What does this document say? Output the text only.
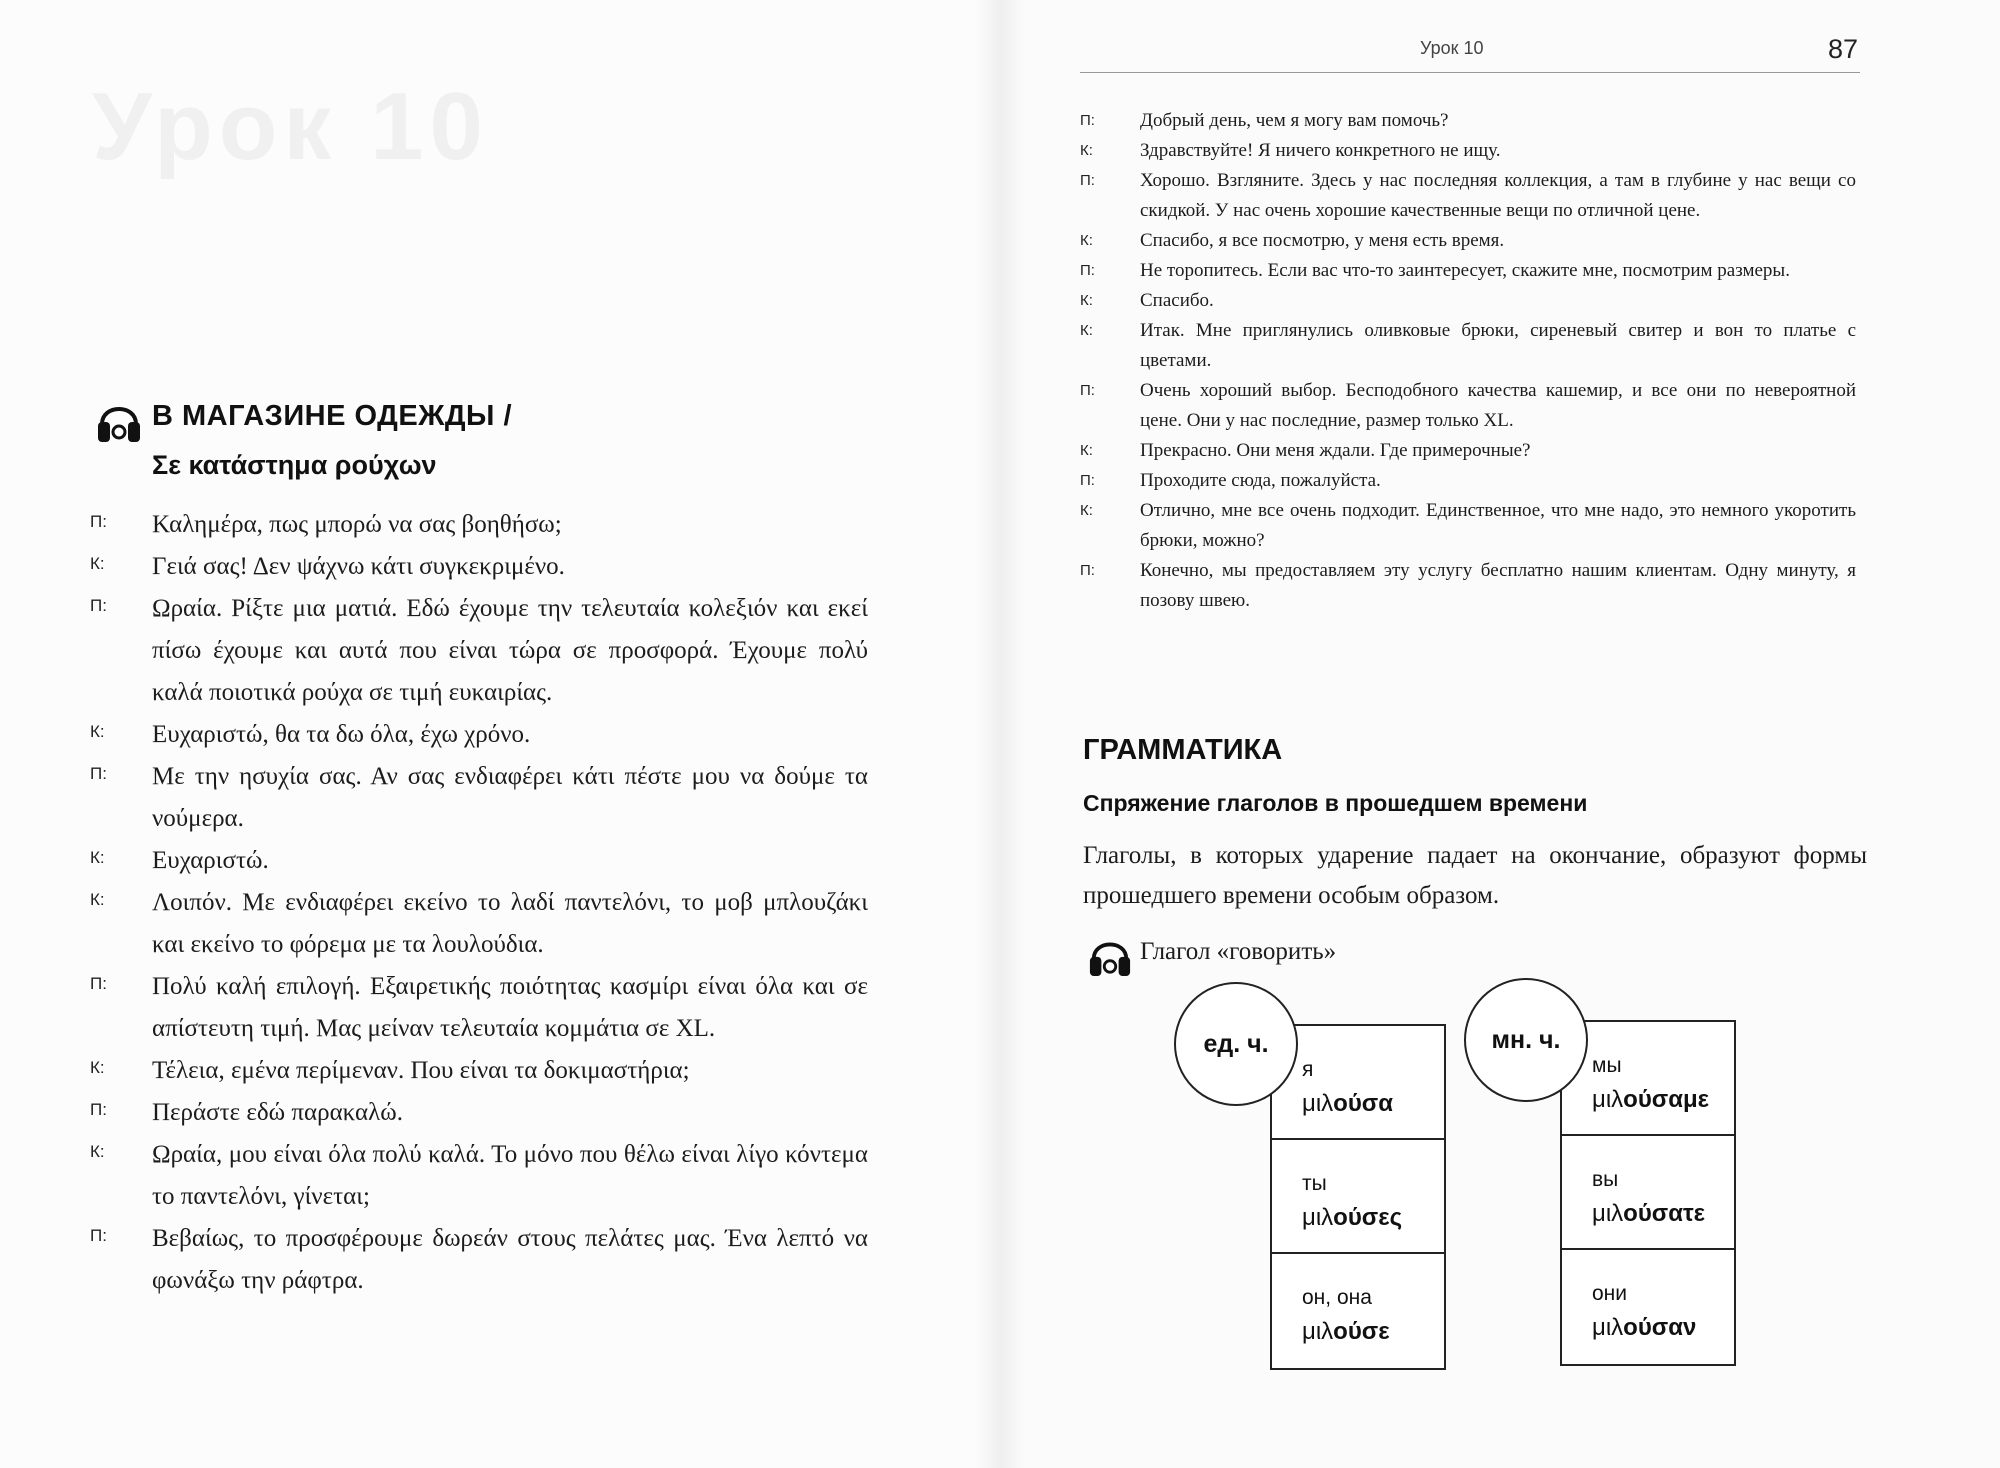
Урок 10
Урок 10	87
В МАГАЗИНЕ ОДЕЖДЫ /
Σε κατάστημα ρούχων
П:	Καλημέρα, πως μπορώ να σας βοηθήσω;
К:	Γειά σας! Δεν ψάχνω κάτι συγκεκριμένο.
П:	Ωραία. Ρίξτε μια ματιά. Εδώ έχουμε την τελευταία κολεξιόν και εκεί πίσω έχουμε και αυτά που είναι τώρα σε προσφορά. Έχουμε πολύ καλά ποιοτικά ρούχα σε τιμή ευκαιρίας.
К:	Ευχαριστώ, θα τα δω όλα, έχω χρόνο.
П:	Με την ησυχία σας. Αν σας ενδιαφέρει κάτι πέστε μου να δούμε τα νούμερα.
К:	Ευχαριστώ.
К:	Λοιπόν. Με ενδιαφέρει εκείνο το λαδί παντελόνι, το μοβ μπλουζάκι και εκείνο το φόρεμα με τα λουλούδια.
П:	Πολύ καλή επιλογή. Εξαιρετικής ποιότητας κασμίρι είναι όλα και σε απίστευτη τιμή. Μας μείναν τελευταία κομμάτια σε XL.
К:	Τέλεια, εμένα περίμεναν. Που είναι τα δοκιμαστήρια;
П:	Περάστε εδώ παρακαλώ.
К:	Ωραία, μου είναι όλα πολύ καλά. Το μόνο που θέλω είναι λίγο κόντεμα το παντελόνι, γίνεται;
П:	Βεβαίως, το προσφέρουμε δωρεάν στους πελάτες μας. Ένα λεπτό να φωνάξω την ράφτρα.
П:	Добрый день, чем я могу вам помочь?
К:	Здравствуйте! Я ничего конкретного не ищу.
П:	Хорошо. Взгляните. Здесь у нас последняя коллекция, а там в глубине у нас вещи со скидкой. У нас очень хорошие качественные вещи по отличной цене.
К:	Спасибо, я все посмотрю, у меня есть время.
П:	Не торопитесь. Если вас что-то заинтересует, скажите мне, посмотрим размеры.
К:	Спасибо.
К:	Итак. Мне приглянулись оливковые брюки, сиреневый свитер и вон то платье с цветами.
П:	Очень хороший выбор. Бесподобного качества кашемир, и все они по невероятной цене. Они у нас последние, размер только XL.
К:	Прекрасно. Они меня ждали. Где примерочные?
П:	Проходите сюда, пожалуйста.
К:	Отлично, мне все очень подходит. Единственное, что мне надо, это немного укоротить брюки, можно?
П:	Конечно, мы предоставляем эту услугу бесплатно нашим клиентам. Одну минуту, я позову швею.
ГРАММАТИКА
Спряжение глаголов в прошедшем времени
Глаголы, в которых ударение падает на окончание, образуют формы прошедшего времени особым образом.
Глагол «говорить»
я
μιλούσα
ты
μιλούσες
он, она
μιλούσε
ед. ч.
мы
μιλούσαμε
вы
μιλούσατε
они
μιλούσαν
мн. ч.
